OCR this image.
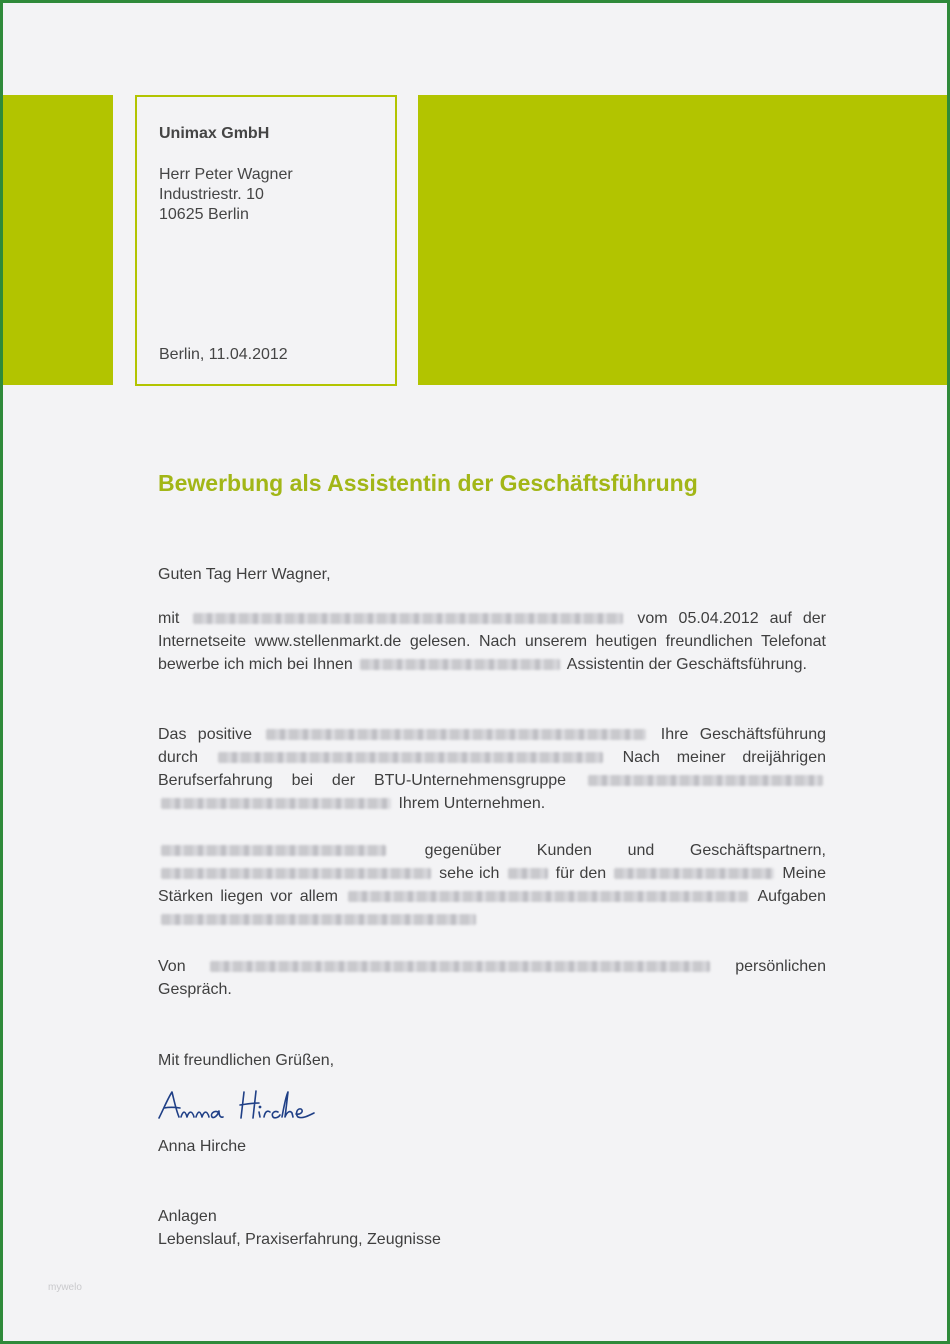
Unimax GmbH
Herr Peter Wagner
Industriestr. 10
10625 Berlin
Berlin, 11.04.2012
Bewerbung als Assistentin der Geschäftsführung
Guten Tag Herr Wagner,
mit	vom 05.04.2012 auf der Internetseite www.stellenmarkt.de gelesen. Nach unserem heutigen freundlichen Telefonat bewerbe ich mich bei Ihnen	Assistentin der Geschäftsführung.
Das positive	Ihre Geschäftsführung durch	Nach meiner dreijährigen Berufserfahrung bei der BTU-Unternehmensgruppe   Ihrem Unternehmen.
gegenüber Kunden und Geschäftspartnern,  sehe ich	für den	Meine Stärken liegen vor allem	Aufgaben
Von	persönlichen Gespräch.
Mit freundlichen Grüßen,
Anna Hirche
Anlagen
Lebenslauf, Praxiserfahrung, Zeugnisse
mywelo
